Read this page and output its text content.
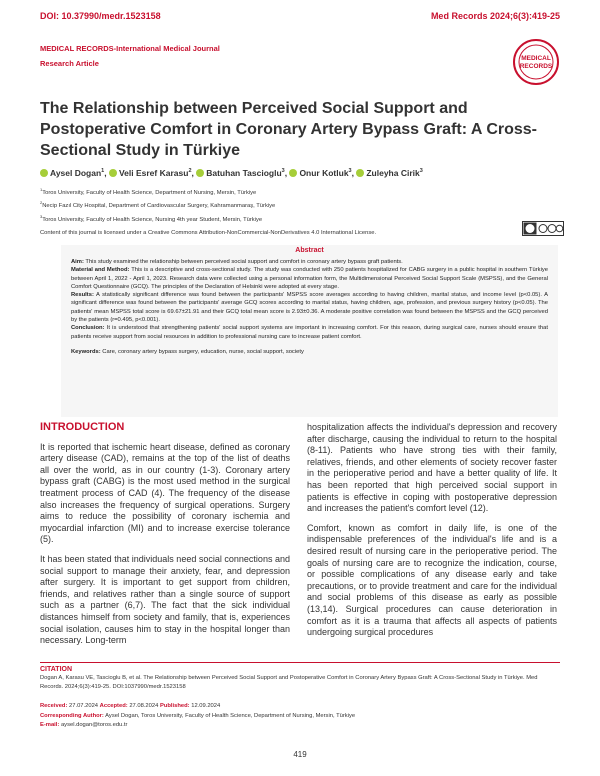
DOI: 10.37990/medr.1523158	Med Records 2024;6(3):419-25
MEDICAL RECORDS-International Medical Journal
Research Article
MEDICAL
RECORDS
The Relationship between Perceived Social Support and Postoperative Comfort in Coronary Artery Bypass Graft: A Cross-Sectional Study in Türkiye
Aysel Dogan$^1$, Veli Esref Karasu$^2$, Batuhan Tascioglu$^3$, Onur Kotluk$^3$, Zuleyha Cirik$^3$
$^1$Toros University, Faculty of Health Science, Department of Nursing, Mersin, Türkiye
$^2$Necip Fazıl City Hospital, Department of Cardiovascular Surgery, Kahramanmaraş, Türkiye
$^3$Toros University, Faculty of Health Science, Nursing 4th year Student, Mersin, Türkiye
Content of this journal is licensed under a Creative Commons Attribution-NonCommercial-NonDerivatives 4.0 International License.
Abstract

Aim: This study examined the relationship between perceived social support and comfort in coronary artery bypass graft patients.

Material and Method: This is a descriptive and cross-sectional study. The study was conducted with 250 patients hospitalized for CABG surgery in a public hospital in southern Türkiye between April 1, 2022 - April 1, 2023. Research data were collected using a personal information form, the Multidimensional Perceived Social Support Scale (MSPSS), and the General Comfort Questionnaire (GCQ). The principles of the Declaration of Helsinki were adopted at every stage.

Results: A statistically significant difference was found between the participants' MSPSS score averages according to having children, marital status, and income level (p<0.05). A significant difference was found between the participants' average GCQ scores according to marital status, having children, age, profession, and previous surgery history (p<0.05). The patients' mean MSPSS total score is 69.67±21.91 and their GCQ total mean score is 2.93±0.36. A moderate positive correlation was found between the MSPSS and the GCQ perceived by the patients (r=0.495, p<0.001).

Conclusion: It is understood that strengthening patients' social support systems are important in increasing comfort. For this reason, during surgical care, nurses should ensure that patients receive support from social resources in addition to professional nursing care to increase patient comfort.

Keywords: Care, coronary artery bypass surgery, education, nurse, social support, society

INTRODUCTION

It is reported that ischemic heart disease, defined as coronary artery disease (CAD), remains at the top of the list of deaths all over the world, as in our country (1-3). Coronary artery bypass graft (CABG) is the most used method in the surgical treatment process of CAD (4). The frequency of the disease also increases the frequency of surgical operations. Surgery aims to reduce the possibility of coronary ischemia and myocardial infarction (MI) and to increase exercise tolerance (5).

It has been stated that individuals need social connections and social support to manage their anxiety, fear, and depression after surgery. It is important to get support from children, friends, and relatives rather than a single source of support such as a partner (6,7). The fact that the sick individual distances himself from society and family, that is, experiences social isolation, causes him to stay in the hospital longer than necessary. Long-term

hospitalization affects the individual's depression and recovery after discharge, causing the individual to return to the hospital (8-11). Patients who have strong ties with their family, relatives, friends, and other elements of society recover faster in the perioperative period and have a better quality of life. It has been reported that high perceived social support in patients is effective in coping with postoperative depression and increases the patient's comfort level (12).

Comfort, known as comfort in daily life, is one of the indispensable preferences of the individual's life and is a desired result of nursing care in the perioperative period. The goals of nursing care are to recognize the indication, course, or possible complications of any disease early and take precautions, or to provide treatment and care for the individual and social problems of this disease as early as possible (13,14). Surgical procedures can cause deterioration in comfort as it is a trauma that affects all aspects of patients undergoing surgical procedures

CITATION
Dogan A, Karasu VE, Tascioglu B, et al. The Relationship between Perceived Social Support and Postoperative Comfort in Coronary Artery Bypass Graft: A Cross-Sectional Study in Türkiye. Med Records. 2024;6(3):419-25. DOI:1037990/medr.1523158
Received: 27.07.2024 Accepted: 27.08.2024 Published: 12.09.2024
Corresponding Author: Aysel Dogan, Toros University, Faculty of Health Science, Department of Nursing, Mersin, Türkiye
E-mail: aysel.dogan@toros.edu.tr
419
